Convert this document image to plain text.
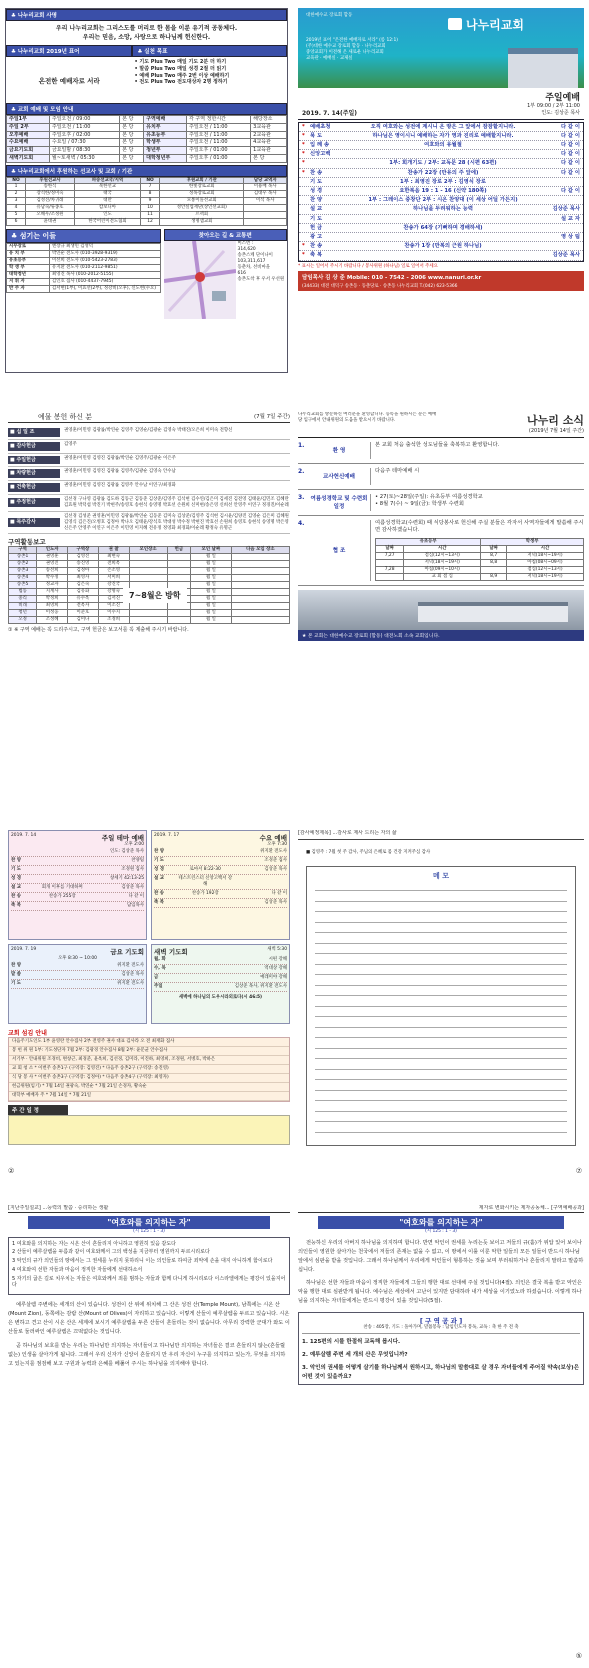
♣ 나누리교회 사명
우리 나누리교회는 그리스도를 머리로 한 몸을 이룬 유기적 공동체다.
우리는 믿음, 소망, 사랑으로 하나님께 헌신한다.
♣ 나누리교회 2019년 표어	♣ 실천 목표
온전한 예배자로 서라
• 기도 Plus Two 매일 기도 2분 더 하기
• 말씀 Plus Two 매일 성경 2절 더 읽기
• 예배 Plus Two 매주 2번 이상 예배하기
• 전도 Plus Two 전도대상자 2명 정하기
♣ 교회 예배 및 모임 안내
주일1부	주일오전 / 09:00	본 당	구역예배	각 구역 정한시간	해당장소
주일 2부	주일오전 / 11:00	본 당	유치부	주일오전 / 11:00	3교육관
오후예배	주일오후 / 02:00	본 당	유초등부	주일오전 / 11:00	2교육관
수요예배	수요일 / 07:30	본 당	학생부	주일오전 / 11:00	4교육관
금요기도회	금요일밤 / 08:30	본 당	청년부	주일오후 / 01:00	1교육관
새벽기도회	월~토새벽 / 05:30	본 당	대학청년부	주일오후 / 01:00	본 당
♣ 나누리교회에서 후원하는 선교사 및 교회 / 기관
NO	후원선교사	파송선교국/지역	NO	후원교회 / 기관	담당 교역자
1	송한식	북한선교	7	한빛장로교회	이용배 목사
2	장석한/정미숙	태국	8	성목장로교회	김대우 목사
3	김성진/차귀례	대만	9	모퉁이돌선교회	이석 목사
4	유남숙/류종호	캄보디아	10	성안실업재단(상인선교회)	
5	오해우/조정원	인도	11	르펙회	
6	윤대권	한국어린이전도협회	12	생명샘교회	
♣ 섬기는 이들
시무장로	엔장규 최생민 김성덕
유 치 부	박연순 전도사 (010-3928-9319)
유초등부	이선희 전도사 (010-5423-2783)
학 생 부	유지환 전도사 (010-2112-9851)
대학청년	최영진 목사 (010-2012-5155)
지 휘 자	김인호 집사 (010-4437-7945)
반 주 자	김서현(1부), 이효선(2부), 정강비(오후), 신도현(수요)
찾아오는 길 & 교통편
버스번 :
314,620
송촌스케 단이나이
103,311,617
동춘차, 선비마을
616
송촌도착 후 우서 우선원
대한예수교 장로회 합동
나누리교회
2019년 표어 "온전한 예배자로 서라" (롬 12:1)
(주)대한 예수교 장로회 합동 · 나누리교회
중앙교회가 이전해 온 새로운 나누리교회
교육관 · 예배실 · 교제실
2019. 7. 14(주일)
주일예배
1부 09:00 / 2부 11:00
인도: 김상준 목사
* 예배초청	오직 여호와는 성전에 계시니 온 땅은 그 앞에서 잠잠할지니라.	다 같 이
* 묵 도	하나님은 영이시니 예배하는 자가 영과 진리로 예배할지니라.	다 같 이
* 입 례 송	여호와의 유월절	다 같 이
* 신앙고백	다 같 이
*	1부: 회개기도 / 2부: 교독문 28 (시편 63편)	다 같 이
* 찬 송	찬송가 22장 (만유의 주 앞에)	다 같 이
기 도	1부 : 최영진 장로 2부 : 김영식 장로
성 경	요한복음 19 : 1 - 16 (신약 180쪽)	다 같 이
찬 양	1부 : 그레이스 중창단 2부 : 시온 찬양대 (이 세상 어딜 가든지)
설 교	하나님을 두려워하는 능력	김상준 목사
기 도	설 교 자
헌 금	찬송가 64장 (기뻐하며 경배하세)
광 고	영 상 팀
* 찬 송	찬송가 1장 (만복의 근원 하나님)
* 축 복	김상준 목사
* 표시는 일어서 주시기 바랍니다 / 봉사위원 (하나님) 일로 일어서 주세요
담임목사 김 상 준 Mobile: 010 - 7542 - 2006 www.nanuri.or.kr
(34433) 대전 대덕구 송촌동 · 동춘당로 · 송촌동 나누리교회 T.(042) 623-5366
예물 봉헌 하신 분	(7월 7일 주간)
■ 십 일 조	권영훈/이민영 김광률/박연순 김영주 김영순/김광순 김영숙 박태진/오은희 이미숙 전향신
■ 감사헌금	김영주
■ 주일헌금	권영훈/이민영 김영진 김광률/박연순 김영주/김광순 이은주
■ 차량헌금	권영훈/이민영 김영진 김광률 김영주/김광순 김영숙 안수남
■ 건축헌금	권영훈/이민영 김영진 김광률 김영주 안수남 이연구/최경화
■ 주정헌금
김선경 구나영 김광률 김도하 김동근 김동준 김상준/김영주 김석현 김수연/김은미 김세진 김전영 김태윤/김민조 김혜란 김효원 박덕섭 박진기 박현주/송영호 송현석 송영명 박효선 손원희 신미현/송은영 신희선 안영주 이연구 정경진/이순례
■ 목주감사
김선경 김성준 권영훈/이민영 김광률/박연순 김동준 김미숙 김상준/김영주 김석현 김시윤/김양진 김영순 김은미 김혜원 김영식 김은진/오병호 김정아 박나오 김태윤/강석호 박대성 박수정 박현진 박효선 손원희 송영호 송현석 송영명 박은영 신은주 안영주 이연구 이은주 이민영 이지혜 전유정 정영화 최경화/이순례 황정숙 유명근
구역활동보고
구역	인도자	구역장	권 찰	모인장소	헌금	모인 날짜	다음 모임 장소
송촌1	권영훈	김영진	최현숙			월 일	
송촌2	권영진	송진영	전희옥			월 일	
송촌3	송선희	김정아	손소영			월 일	
송촌4	박수정	최영자	서미희			월 일	
송촌5	정교자	김은숙	강진국			월 일	
법동	지계사	김유화	강명숙			월 일	
중리	박정희	유수옥	김서진			월 일	
비래	최영희	전옥자	이소진			월 일	
청년	이성웅	이준호	이수지			월 일	
오정	조성혜	김미나	조정희			월 일	
7~8월은 방학
① ※ 구역 예배는 꼭 드리주시고, 구역 헌금은 보고서를 꼭 제출해 주시기 바랍니다.
나누리교회를 방문하신 여러분을 환영합니다. 등록을 원하시는 분은 예배당 입구에서 안내위원의 도움을 받으시기 바랍니다.	나누리 소식
(2019년 7월 14일 주간)
1.
환 영
본 교회 처음 출석한 성도님들을 축복하고 환영합니다.
2.
교사헌신예배
다음주 테마예배 시
3.	여름성경학교 및 수련회 일정
• 27(토)~28일(주일): 유초등부 여름성경학교
• 8월 7(수) ~ 9일(금): 학생부 수련회
4.
협 조
여름성경학교(수련회) 때 식당봉사로 헌신해 주실 분들은 각자서 사역자들에게 말씀해 주시면 감사하겠습니다.
유초등부		학생부	
날짜	시간	날짜	시간
7,27	점심(12시~13시)	8,7	저녁(18시~19시)
	저녁(18시~19시)	8,8	아침(08시~09시)
7,28	아침(09시~10시)		점심(12시~13시)
	교 회 점 심	8,9	저녁(18시~19시)
★ 본 교회는 대한예수교 장로회 (합동) 대전노회 소속 교회입니다.
2019. 7. 14	주일 테마 예배
오후 2:00
인도: 김상준 목사
찬 양	찬양팀
기 도	조경원 집사
성 경	창세기 42:13-25
설 교	회개 이후를 기대하며	김상준 목사
찬 송	찬송가 255장	다 같 이
축 복	담임목사
2019. 7. 17	수요 예배
오후 7:30
찬 양	위지환 전도사
기 도	조경준 집사
성 경	로마서 8:22-30	김상준 목사
설 교	테스트린스터 신앙고백서 강해
찬 송	찬송가 192장	다 같 이
축 복	김상준 목사
2019. 7. 19	금요 기도회
오후 8:30 ~ 10:00
찬 양	위지환 전도사
말 씀	김상준 목사
기 도	위지환 전도사
새벽 기도회	새벽 5:30
월, 화	시편 강해
수, 목	역대상 강해
금	예레미야 강해
주일	김상준 목사, 위지환 전도사
새벽에 하나님의 도우시라외로다(시 46:5)
교회 섬김 안내
다음주기도인도 1부 윤영란 안수집사 2부 전영주 권사 대표 김사라 오 전 최재화 집사
봉 헌 위 원 1부: 기도성단자 7월 2부: 김광경 안수집사 8월 2부: 윤문균 안수집사
서기부 · 안내위원 조경비, 변창근, 최경준, 윤옥희, 김선경, 김미라, 이진하, 최영희, 조경원, 서병호, 박하은
교 회 청 소 * 이번주 송촌1구 (구역장: 김영진) * 다음주 송촌2구 (구역장: 송진영)
식 당 봉 사 * 이번주 송촌3구 (구역장: 김정아) * 다음주 송촌4구 (구역장: 최영자)
헌금위원(임기) * 7월 14일 권광숙, 박연순 * 7월 21일 손경자, 황숙순
대학부 예배자 주 * 7월 14일 * 7월 21일
주 간 일 정
②
[감사예정제목] ...감사로 제사 드리는 자의 삶
■ 김영주 : 7월 첫 주 감사, 주님의 은혜로 몸 건강 지켜주심 감사
메 모
⑦
[지난주일설교] ...능력의 말씀 · 승리하는 생활
"여호와를 의지하는 자"
(시 125 : 1 - 3)
1 여호와를 의지하는 자는 시온 산이 흔들리지 아니하고 영원히 있음 같도다
2 산들이 예루살렘을 두름과 같이 여호와께서 그의 백성을 지금부터 영원까지 두르시리로다
3 악인의 규가 의인들의 땅에서는 그 권세를 누리지 못하리니 이는 의인들로 하여금 죄악에 손을 대지 아니하게 함이로다
4 여호와여 선한 자들과 마음이 정직한 자들에게 선대하소서
5 자기의 굽은 길로 치우치는 자들은 여호와께서 죄를 범하는 자들과 함께 다니게 하시리로다 이스라엘에게는 평강이 있을지어다

예루살렘 주변에는 세개의 산이 있습니다. 성전이 산 위에 위치해 그 산은 성전 산(Temple Mount), 남쪽에는 시온 산(Mount Zion), 동쪽에는 감람 산(Mount of Olives)이 자리하고 있습니다. 이렇게 산들이 예루살렘을 두르고 있습니다. 시온은 변하고 견고 산이 시온 산은 세계에 보시기 예루살렘을 두른 산들이 흔들리는 것이 없습니다. 아무리 강력한 군대가 와도 이 산들로 둘러싸인 예루살렘은 끄떡없다는 것입니다.

곧 하나님의 보호를 받는 우리는 하나님만 의지하는 자녀들이고 하나님만 의지하는 자녀들은 결코 흔들리지 않는(흔들릴 없는) 인생을 살아가게 됩니다. 그래서 우리 신자가 신앙이 흔들리지 만 우리 자신이 누구를 의지하고 있는가, 무엇을 의지하고 있는지를 점검해 보고 구원과 능력과 은혜를 베풀어 주시는 하나님을 의지해야 합니다.

제자로 변화시키는 제자공동체... [구역예배공과]
"여호와를 의지하는 자"
(시 125 : 1 - 3)

전능하신 우리의 아버지 하나님을 의지하며 합니다. 반면 악인이 권세를 누리는듯 보이고 저들의 규(홀)가 위압 있어 보이나 의인들이 영원한 살아가는 천국에서 저들의 존재는 없을 수 없고, 이 땅에서 이룰 이룬 악한 일들의 모든 일들이 반드시 하나님 앞에서 심판을 받을 것입니다. 그래서 하나님께서 우리에게 악인들이 형통하는 것을 보며 부러워하거나 흔들리지 말라고 말씀하십니다.

하나님은 선한 자들과 마음이 정직한 자들에게 그들의 행한 대로 선대해 주실 것입니다(4절). 의인은 결국 복을 받고 악인은 악을 행한 대로 심판받게 됩니다. 예수님은 세상에서 고난이 있지만 담대하라 내가 세상을 이기었노라 하셨습니다. 이렇게 하나님을 의지하는 자녀들에게는 반드시 평강이 있을 것입니다(5절).

[ 구 역 공 과 ]
찬송 : 405장, 기도 : 돌아가며, 말씀봉독 : 담임인도자 봉독, 교독 : 축 한 주 전 축
1. 125편의 시를 한절씩 교독해 봅시다.
2. 예루살렘 주변 세 개의 산은 무엇입니까?
3. 악인의 권세를 어떻게 살기를 하나님께서 원하시고, 하나님의 말씀대로 살 경우 자녀들에게 주어질 약속(보상)은 어떤 것이 있을까요?
⑤
